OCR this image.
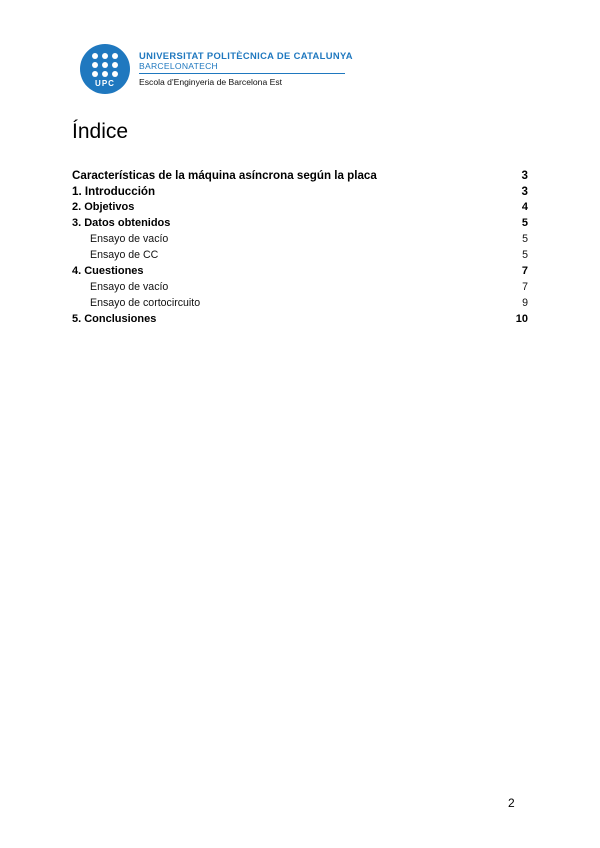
UPC
UNIVERSITAT POLITÈCNICA DE CATALUNYA
BARCELONATECH
Escola d'Enginyeria de Barcelona Est
Índice
Características de la máquina asíncrona según la placa	3
1. Introducción	3
2. Objetivos	4
3. Datos obtenidos	5
Ensayo de vacío	5
Ensayo de CC	5
4. Cuestiones	7
Ensayo de vacío	7
Ensayo de cortocircuito	9
5. Conclusiones	10
2
